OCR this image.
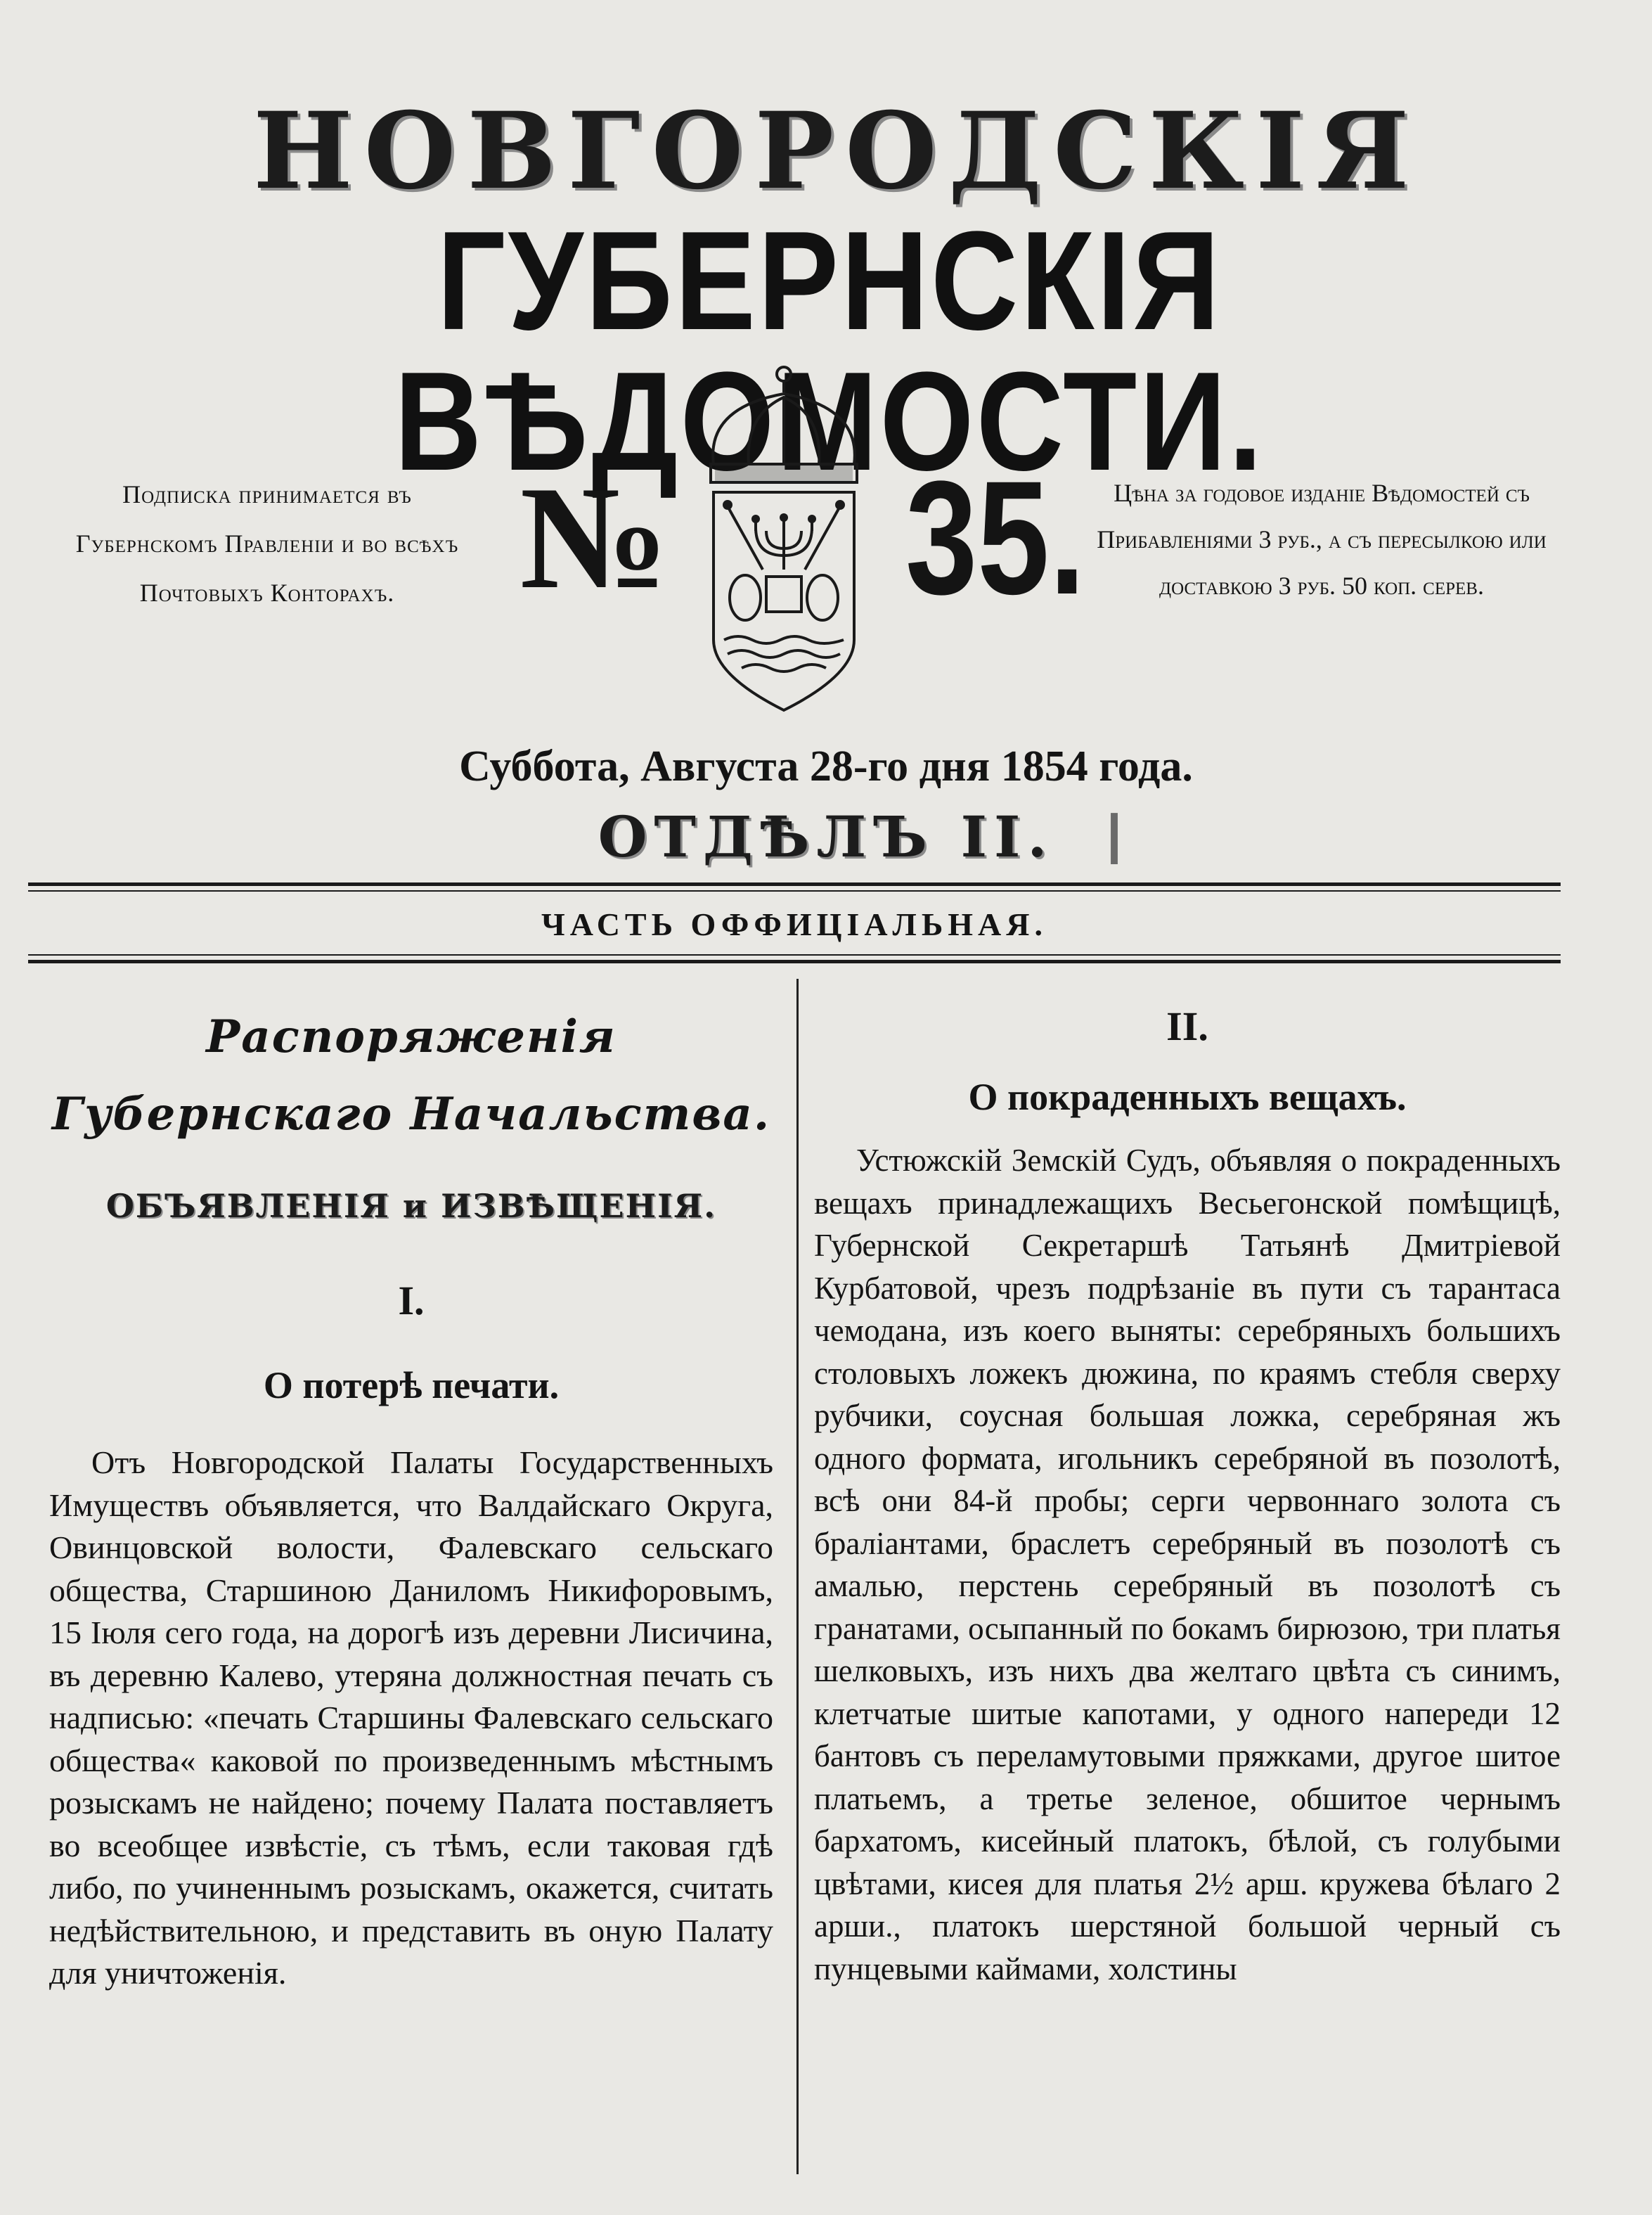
НОВГОРОДСКІЯ
ГУБЕРНСКІЯ ВѢДОМОСТИ.
Подписка принимается въ Губернскомъ Правленіи и во всѣхъ Почтовыхъ Конторахъ. № 35.	Цѣна за годовое изданіе Вѣдомостей съ Прибавленіями 3 руб., а съ пересылкою или доставкою 3 руб. 50 коп. серев.
Суббота, Августа 28-го дня 1854 года.
ОТДѢЛЪ II. I
ЧАСТЬ ОФФИЦІАЛЬНАЯ.
Распоряженія Губернскаго Начальства.
ОБЪЯВЛЕНІЯ и ИЗВѢЩЕНІЯ.
I.
О потерѣ печати.

Отъ Новгородской Палаты Государственныхъ Имуществъ объявляется, что Валдайскаго Округа, Овинцовской волости, Фалевскаго сельскаго общества, Старшиною Даниломъ Никифоровымъ, 15 Іюля сего года, на дорогѣ изъ деревни Лисичина, въ деревню Калево, утеряна должностная печать съ надписью: «печать Старшины Фалевскаго сельскаго общества« каковой по произведеннымъ мѣстнымъ розыскамъ не найдено; почему Палата поставляетъ во всеобщее извѣстіе, съ тѣмъ, если таковая гдѣ либо, по учиненнымъ розыскамъ, окажется, считать недѣйствительною, и представить въ оную Палату для уничтоженія.

II.
О покраденныхъ вещахъ.

Устюжскій Земскій Судъ, объявляя о покраденныхъ вещахъ принадлежащихъ Весьегонской помѣщицѣ, Губернской Секретаршѣ Татьянѣ Дмитріевой Курбатовой, чрезъ подрѣзаніе въ пути съ тарантаса чемодана, изъ коего выняты: серебряныхъ большихъ столовыхъ ложекъ дюжина, по краямъ стебля сверху рубчики, соусная большая ложка, серебряная жъ одного формата, игольникъ серебряной въ позолотѣ, всѣ они 84-й пробы; серги червоннаго золота съ браліантами, браслетъ серебряный въ позолотѣ съ амалью, перстень серебряный въ позолотѣ съ гранатами, осыпанный по бокамъ бирюзою, три платья шелковыхъ, изъ нихъ два желтаго цвѣта съ синимъ, клетчатые шитые капотами, у одного напереди 12 бантовъ съ переламутовыми пряжками, другое шитое платьемъ, а третье зеленое, обшитое чернымъ бархатомъ, кисейный платокъ, бѣлой, съ голубыми цвѣтами, кисея для платья 2½ арш. кружева бѣлаго 2 арши., платокъ шерстяной большой черный съ пунцевыми каймами, холстины
